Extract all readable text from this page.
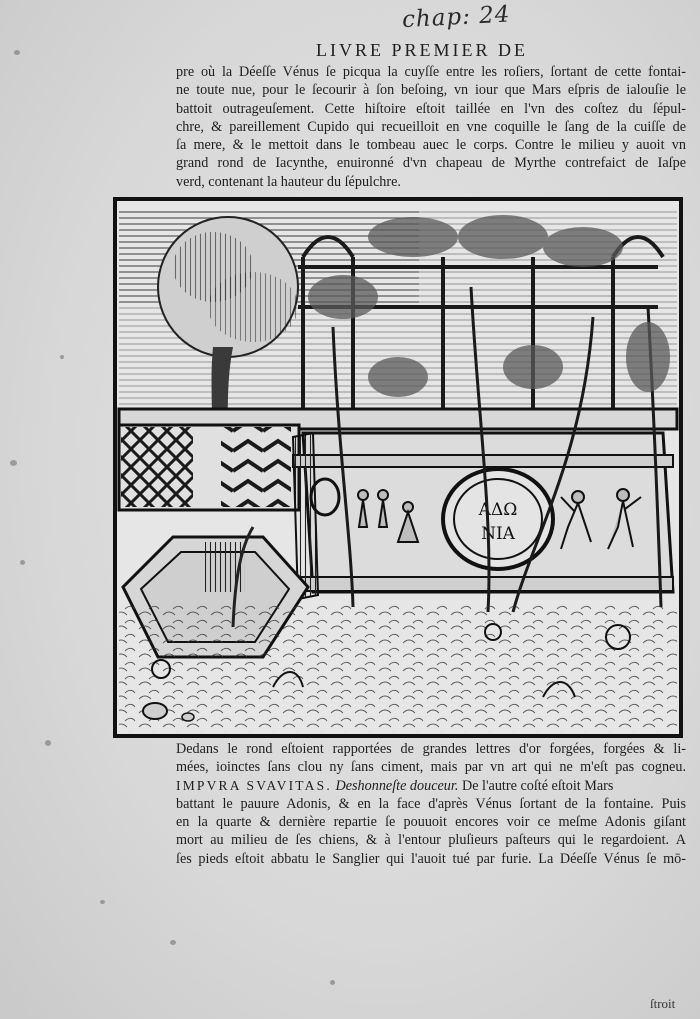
chap: 24
LIVRE PREMIER DE
pre où la Déeſſe Vénus ſe picqua la cuyſſe entre les roſiers, ſortant de cette fontai-
ne toute nue, pour le ſecourir à ſon beſoing, vn iour que Mars eſpris de ialouſie le
battoit outrageuſement. Cette hiſtoire eſtoit taillée en l'vn des coſtez du ſépul-
chre, & pareillement Cupido qui recueilloit en vne coquille le ſang de la cuiſſe de
ſa mere, & le mettoit dans le tombeau auec le corps. Contre le milieu y auoit vn
grand rond de Iacynthe, enuironné d'vn chapeau de Myrthe contrefaict de Iaſpe
verd, contenant la hauteur du ſépulchre.
ΑΔΩ
ΝΙΑ
Dedans le rond eſtoient rapportées de grandes lettres d'or forgées, forgées & li-
mées, ioinctes ſans clou ny ſans ciment, mais par vn art qui ne m'eſt pas cogneu.
IMPVRA SVAVITAS. Deshonneſte douceur. De l'autre coſté eſtoit Mars
battant le pauure Adonis, & en la face d'après Vénus ſortant de la fontaine. Puis
en la quarte & dernière repartie ſe pouuoit encores voir ce meſme Adonis giſant
mort au milieu de ſes chiens, & à l'entour pluſieurs paſteurs qui le regardoient. A
ſes pieds eſtoit abbatu le Sanglier qui l'auoit tué par furie. La Déeſſe Vénus ſe mō-
ſtroit
